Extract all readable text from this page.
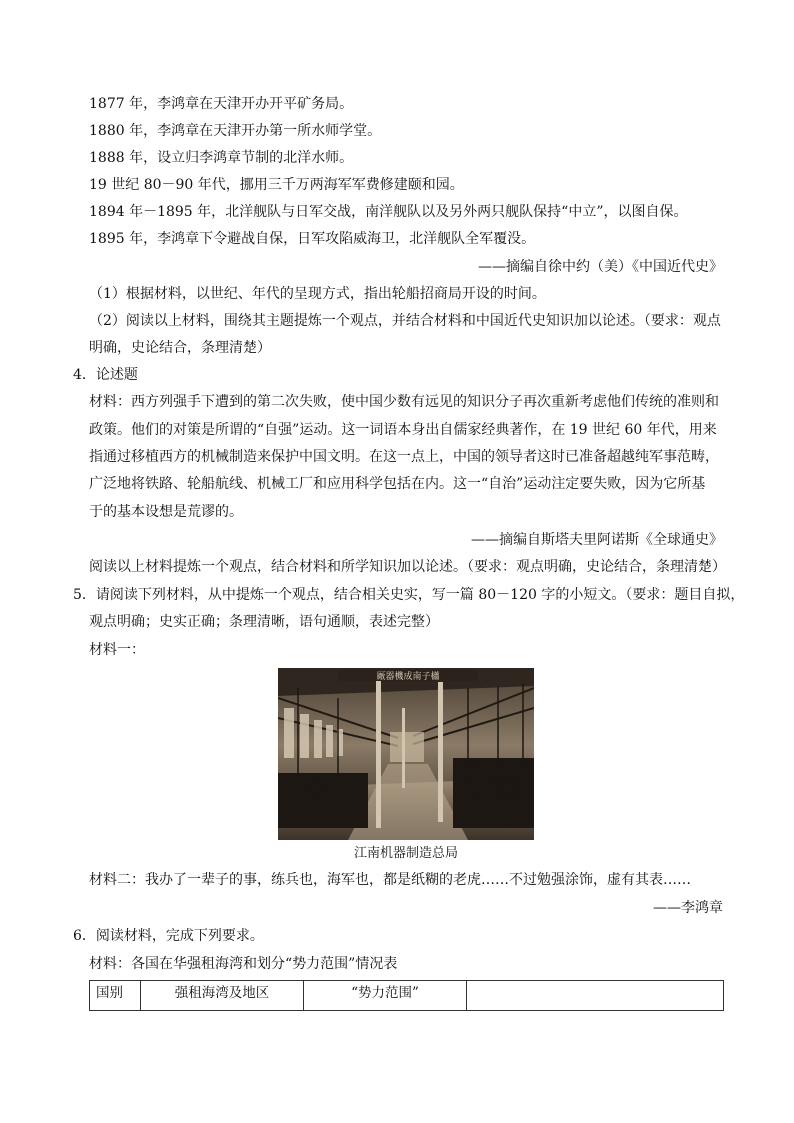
1877 年，李鸿章在天津开办开平矿务局。
1880 年，李鸿章在天津开办第一所水师学堂。
1888 年，设立归李鸿章节制的北洋水师。
19 世纪 80－90 年代，挪用三千万两海军军费修建颐和园。
1894 年－1895 年，北洋舰队与日军交战，南洋舰队以及另外两只舰队保持“中立”，以图自保。
1895 年，李鸿章下令避战自保，日军攻陷威海卫，北洋舰队全军覆没。
——摘编自徐中约（美）《中国近代史》
（1）根据材料，以世纪、年代的呈现方式，指出轮船招商局开设的时间。
（2）阅读以上材料，围绕其主题提炼一个观点，并结合材料和中国近代史知识加以论述。（要求：观点
明确，史论结合，条理清楚）
4．论述题
材料：西方列强手下遭到的第二次失败，使中国少数有远见的知识分子再次重新考虑他们传统的准则和
政策。他们的对策是所谓的“自强”运动。这一词语本身出自儒家经典著作，在 19 世纪 60 年代，用来
指通过移植西方的机械制造来保护中国文明。在这一点上，中国的领导者这时已准备超越纯军事范畴，
广泛地将铁路、轮船航线、机械工厂和应用科学包括在内。这一“自治”运动注定要失败，因为它所基
于的基本设想是荒谬的。
——摘编自斯塔夫里阿诺斯《全球通史》
阅读以上材料提炼一个观点，结合材料和所学知识加以论述。（要求：观点明确，史论结合，条理清楚）
5．请阅读下列材料，从中提炼一个观点，结合相关史实，写一篇 80－120 字的小短文。（要求：题目自拟，
观点明确；史实正确；条理清晰，语句通顺，表述完整）
材料一：
厰器機成南子櫹
江南机器制造总局
材料二：我办了一辈子的事，练兵也，海军也，都是纸糊的老虎……不过勉强涂饰，虚有其表……
——李鸿章
6．阅读材料，完成下列要求。
材料：各国在华强租海湾和划分“势力范围”情况表
国别	强租海湾及地区	“势力范围”	
